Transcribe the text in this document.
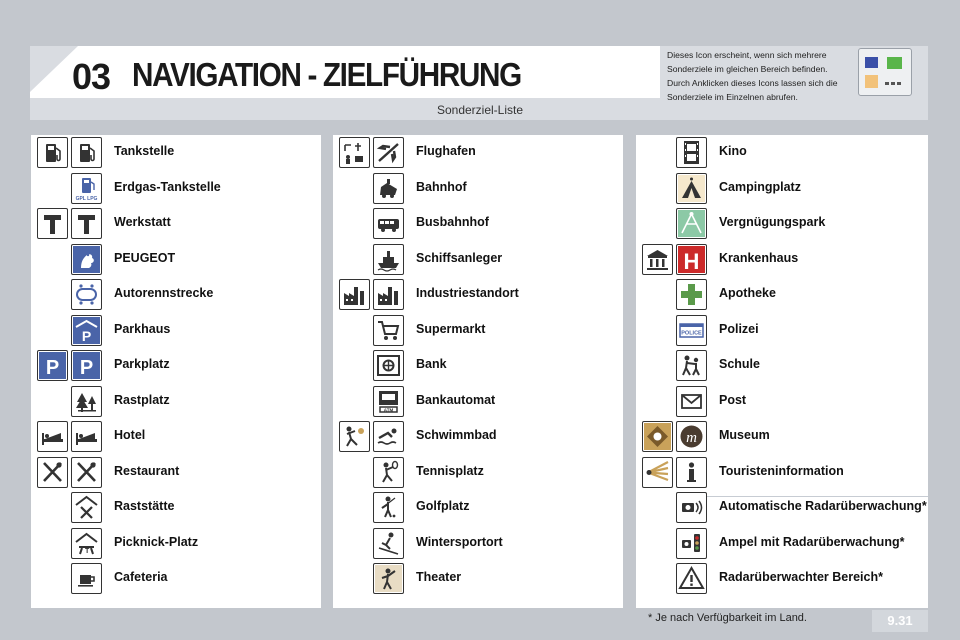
03 NAVIGATION - ZIELFÜHRUNG
Dieses Icon erscheint, wenn sich mehrere Sonderziele im gleichen Bereich befinden. Durch Anklicken dieses Icons lassen sich die Sonderziele im Einzelnen abrufen.
Sonderziel-Liste
Tankstelle
GPL LPG
Erdgas-Tankstelle
Werkstatt
PEUGEOT
Autorennstrecke
P Parkhaus
P P Parkplatz
Rastplatz
Hotel
Restaurant
Raststätte
T
Picknick-Platz
Cafeteria
Flughafen
Bahnhof
Busbahnhof
Schiffsanleger
Industriestandort
Supermarkt
Bank
ATM
Bankautomat
Schwimmbad
Tennisplatz
Golfplatz
Wintersportort
Theater
Kino
Campingplatz
Vergnügungspark
H Krankenhaus
Apotheke
POLICE Polizei
Schule
Post
m Museum
Touristeninformation
Automatische Radarüberwachung*
Ampel mit Radarüberwachung*
Radarüberwachter Bereich*
* Je nach Verfügbarkeit im Land.	9.31
